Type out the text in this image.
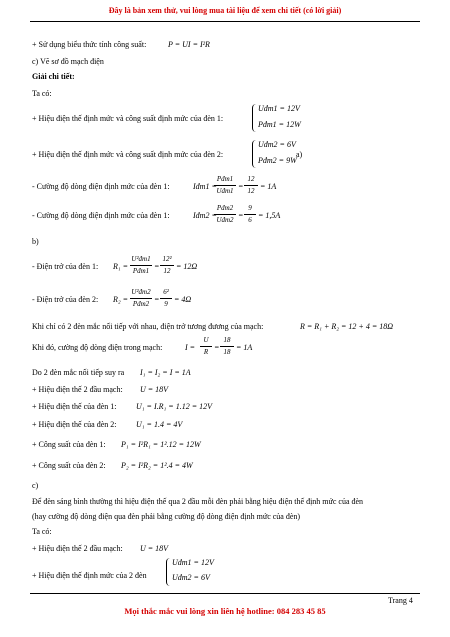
Đây là bản xem thử, vui lòng mua tài liệu để xem chi tiết (có lời giải)
+ Sử dụng biểu thức tính công suất:	P = UI = I²R
c) Vẽ sơ đồ mạch điện
Giải chi tiết:
Ta có:
+ Hiệu điện thế định mức và công suất định mức của đèn 1:
Uđm1 = 12V
Pđm1 = 12W
+ Hiệu điện thế định mức và công suất định mức của đèn 2:
Uđm2 = 6V
Pđm2 = 9W
a)
- Cường độ dòng điện định mức của đèn 1:	Iđm1 =
Pđm1
Uđm1 =
12
12 = 1A
- Cường độ dòng điện định mức của đèn 1:	Iđm2 =
Pđm2
Uđm2 =
9
6 = 1,5A
b)
- Điện trở của đèn 1: R₁ =
U²đm1
Pđm1 =
12²
12 = 12Ω
- Điện trở của đèn 2: R₂ =
U²đm2
Pđm2 =
6²
9 = 4Ω
Khi chỉ có 2 đèn mắc nối tiếp với nhau, điện trở tương đương của mạch:	R = R₁ + R₂ = 12 + 4 = 18Ω
Khi đó, cường độ dòng điện trong mạch:	I =
U
R =
18
18 = 1A
Do 2 đèn mắc nối tiếp suy ra I₁ = I₂ = I = 1A
+ Hiệu điện thế 2 đầu mạch: U = 18V
+ Hiệu điện thế của đèn 1: U₁ = I.R₁ = 1.12 = 12V
+ Hiệu điện thế của đèn 2: U₁ = 1.4 = 4V
+ Công suất của đèn 1: P₁ = I²R₁ = 1².12 = 12W
+ Công suất của đèn 2: P₂ = I²R₂ = 1².4 = 4W
c)
Để đèn sáng bình thường thì hiệu điện thế qua 2 đầu mỗi đèn phải bằng hiệu điện thế định mức của đèn
(hay cường độ dòng điện qua đèn phải bằng cường độ dòng điện định mức của đèn)
Ta có:
+ Hiệu điện thế 2 đầu mạch: U = 18V
+ Hiệu điện thế định mức của 2 đèn
Uđm1 = 12V
Uđm2 = 6V
Trang 4
Mọi thắc mắc vui lòng xin liên hệ hotline: 084 283 45 85
